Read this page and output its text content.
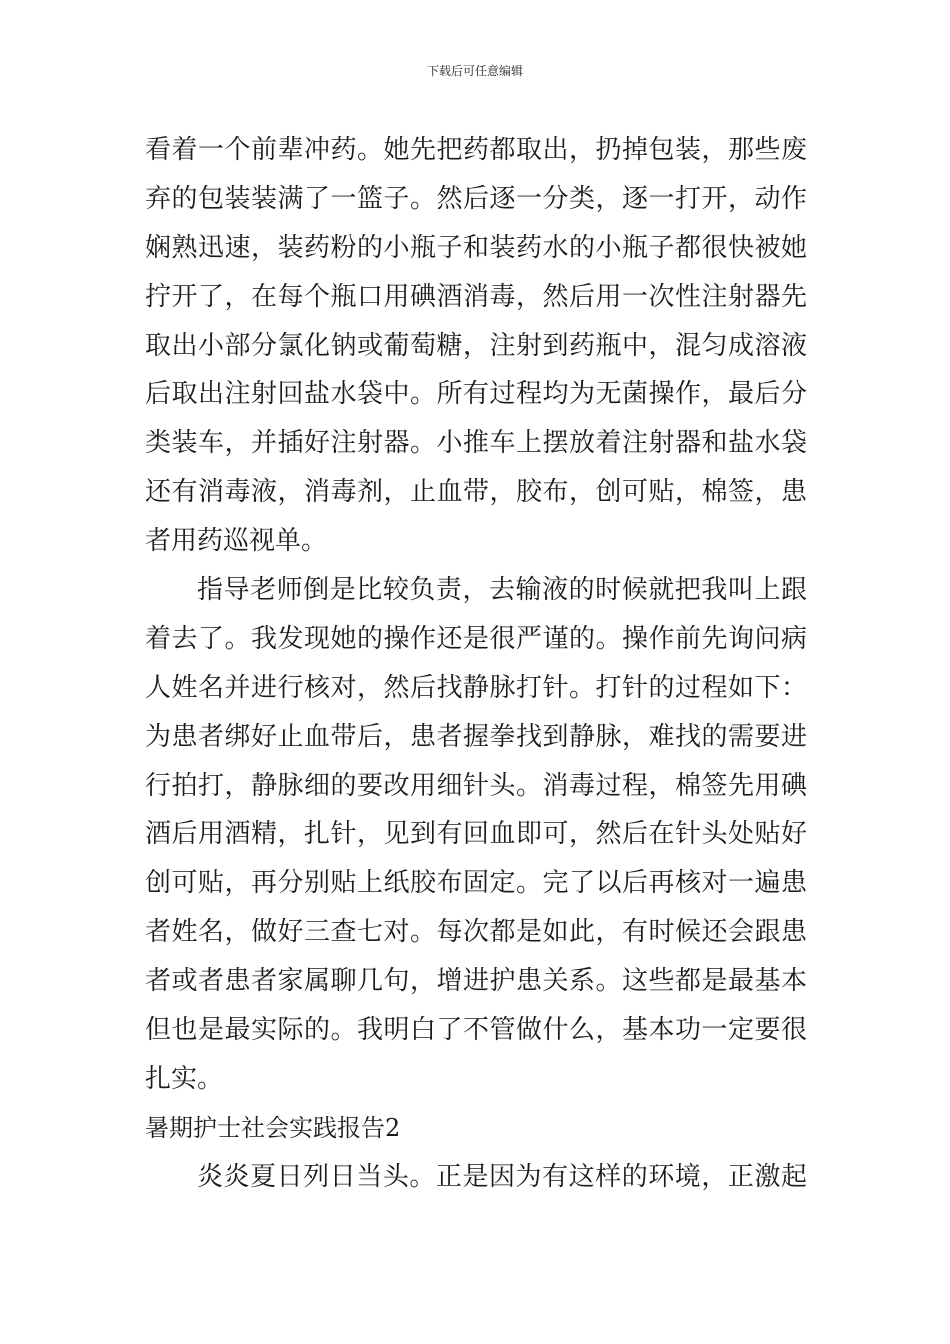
下载后可任意编辑
看着一个前辈冲药。她先把药都取出，扔掉包装，那些废
弃的包装装满了一篮子。然后逐一分类，逐一打开，动作
娴熟迅速，装药粉的小瓶子和装药水的小瓶子都很快被她
拧开了，在每个瓶口用碘酒消毒，然后用一次性注射器先
取出小部分氯化钠或葡萄糖，注射到药瓶中，混匀成溶液
后取出注射回盐水袋中。所有过程均为无菌操作，最后分
类装车，并插好注射器。小推车上摆放着注射器和盐水袋
还有消毒液，消毒剂，止血带，胶布，创可贴，棉签，患
者用药巡视单。
指导老师倒是比较负责，去输液的时候就把我叫上跟
着去了。我发现她的操作还是很严谨的。操作前先询问病
人姓名并进行核对，然后找静脉打针。打针的过程如下：
为患者绑好止血带后，患者握拳找到静脉，难找的需要进
行拍打，静脉细的要改用细针头。消毒过程，棉签先用碘
酒后用酒精，扎针，见到有回血即可，然后在针头处贴好
创可贴，再分别贴上纸胶布固定。完了以后再核对一遍患
者姓名，做好三查七对。每次都是如此，有时候还会跟患
者或者患者家属聊几句，增进护患关系。这些都是最基本
但也是最实际的。我明白了不管做什么，基本功一定要很
扎实。
暑期护士社会实践报告2
炎炎夏日列日当头。正是因为有这样的环境，正激起
